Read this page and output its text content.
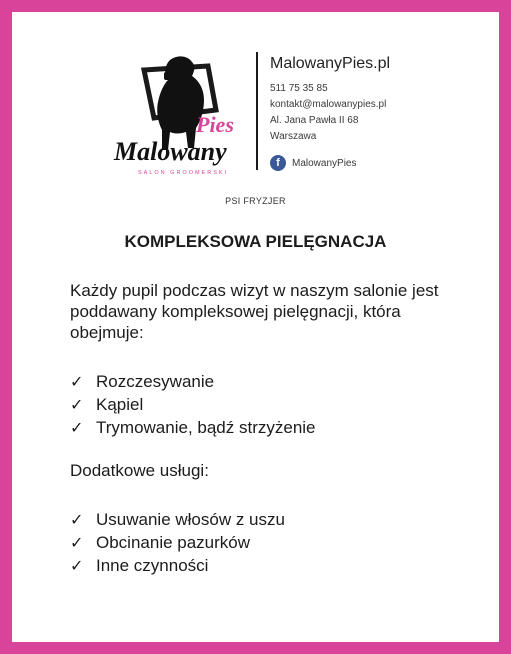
Pies
Malowany
SALON GROOMERSKI
MalowanyPies.pl
511 75 35 85
kontakt@malowanypies.pl
Al. Jana Pawła II 68
Warszawa
f	MalowanyPies
PSI FRYZJER
KOMPLEKSOWA PIELĘGNACJA
Każdy pupil podczas wizyt w naszym salonie jest poddawany kompleksowej pielęgnacji, która obejmuje:
✓ Rozczesywanie
✓ Kąpiel
✓ Trymowanie, bądź strzyżenie
Dodatkowe usługi:
✓ Usuwanie włosów z uszu
✓ Obcinanie pazurków
✓ Inne czynności
